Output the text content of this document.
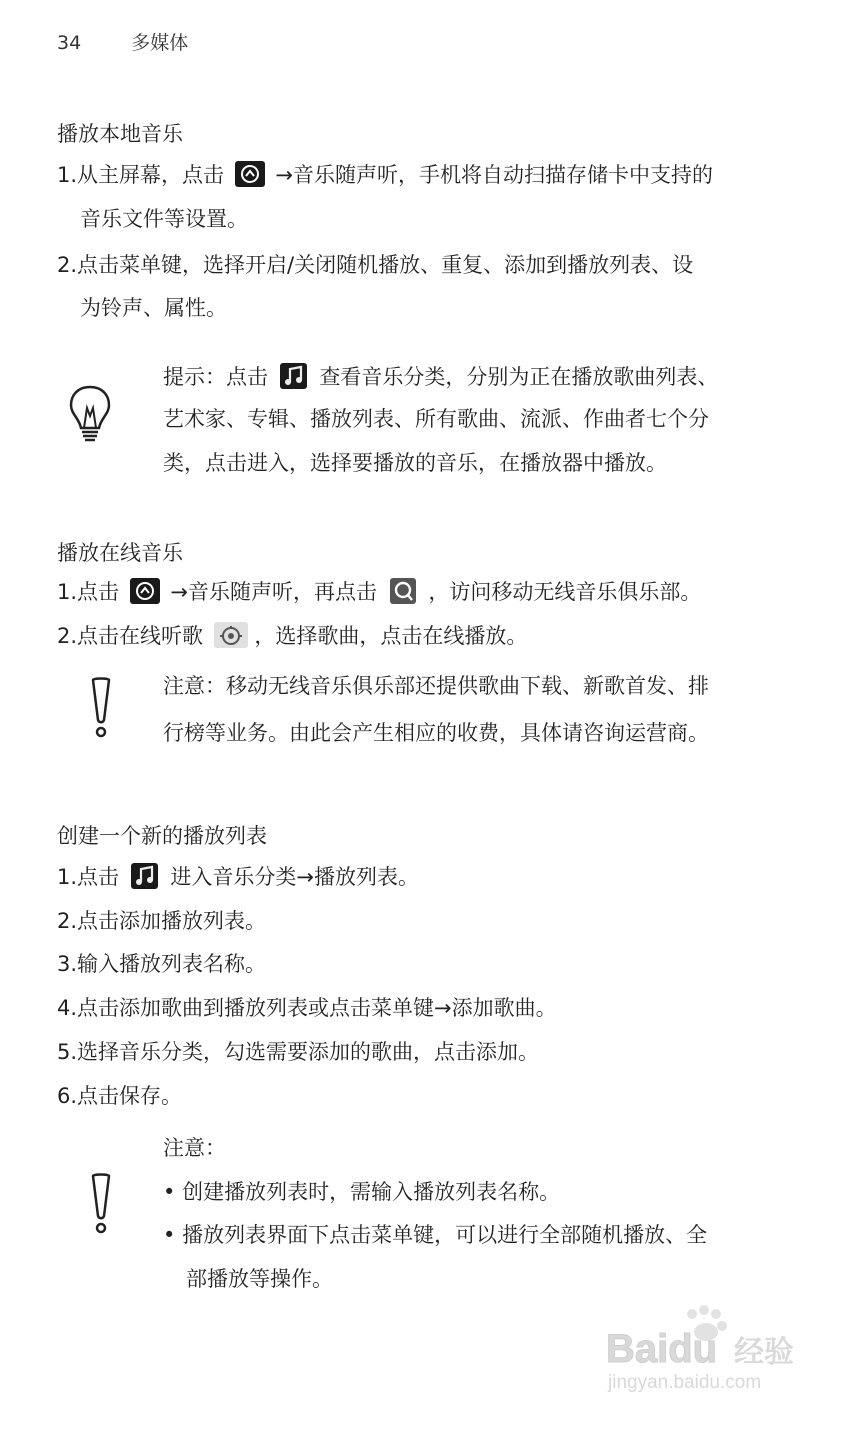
34	多媒体
播放本地音乐
1.从主屏幕，点击 →音乐随声听，手机将自动扫描存储卡中支持的
音乐文件等设置。
2.点击菜单键，选择开启/关闭随机播放、重复、添加到播放列表、设
为铃声、属性。
提示：点击 查看音乐分类，分别为正在播放歌曲列表、
艺术家、专辑、播放列表、所有歌曲、流派、作曲者七个分
类，点击进入，选择要播放的音乐，在播放器中播放。
播放在线音乐
1.点击 →音乐随声听，再点击 ，访问移动无线音乐俱乐部。
2.点击在线听歌 ，选择歌曲，点击在线播放。
注意：移动无线音乐俱乐部还提供歌曲下载、新歌首发、排
行榜等业务。由此会产生相应的收费，具体请咨询运营商。
创建一个新的播放列表
1.点击 进入音乐分类→播放列表。
2.点击添加播放列表。
3.输入播放列表名称。
4.点击添加歌曲到播放列表或点击菜单键→添加歌曲。
5.选择音乐分类，勾选需要添加的歌曲，点击添加。
6.点击保存。
注意：
• 创建播放列表时，需输入播放列表名称。
• 播放列表界面下点击菜单键，可以进行全部随机播放、全
部播放等操作。
Baidu 经验
jingyan.baidu.com
